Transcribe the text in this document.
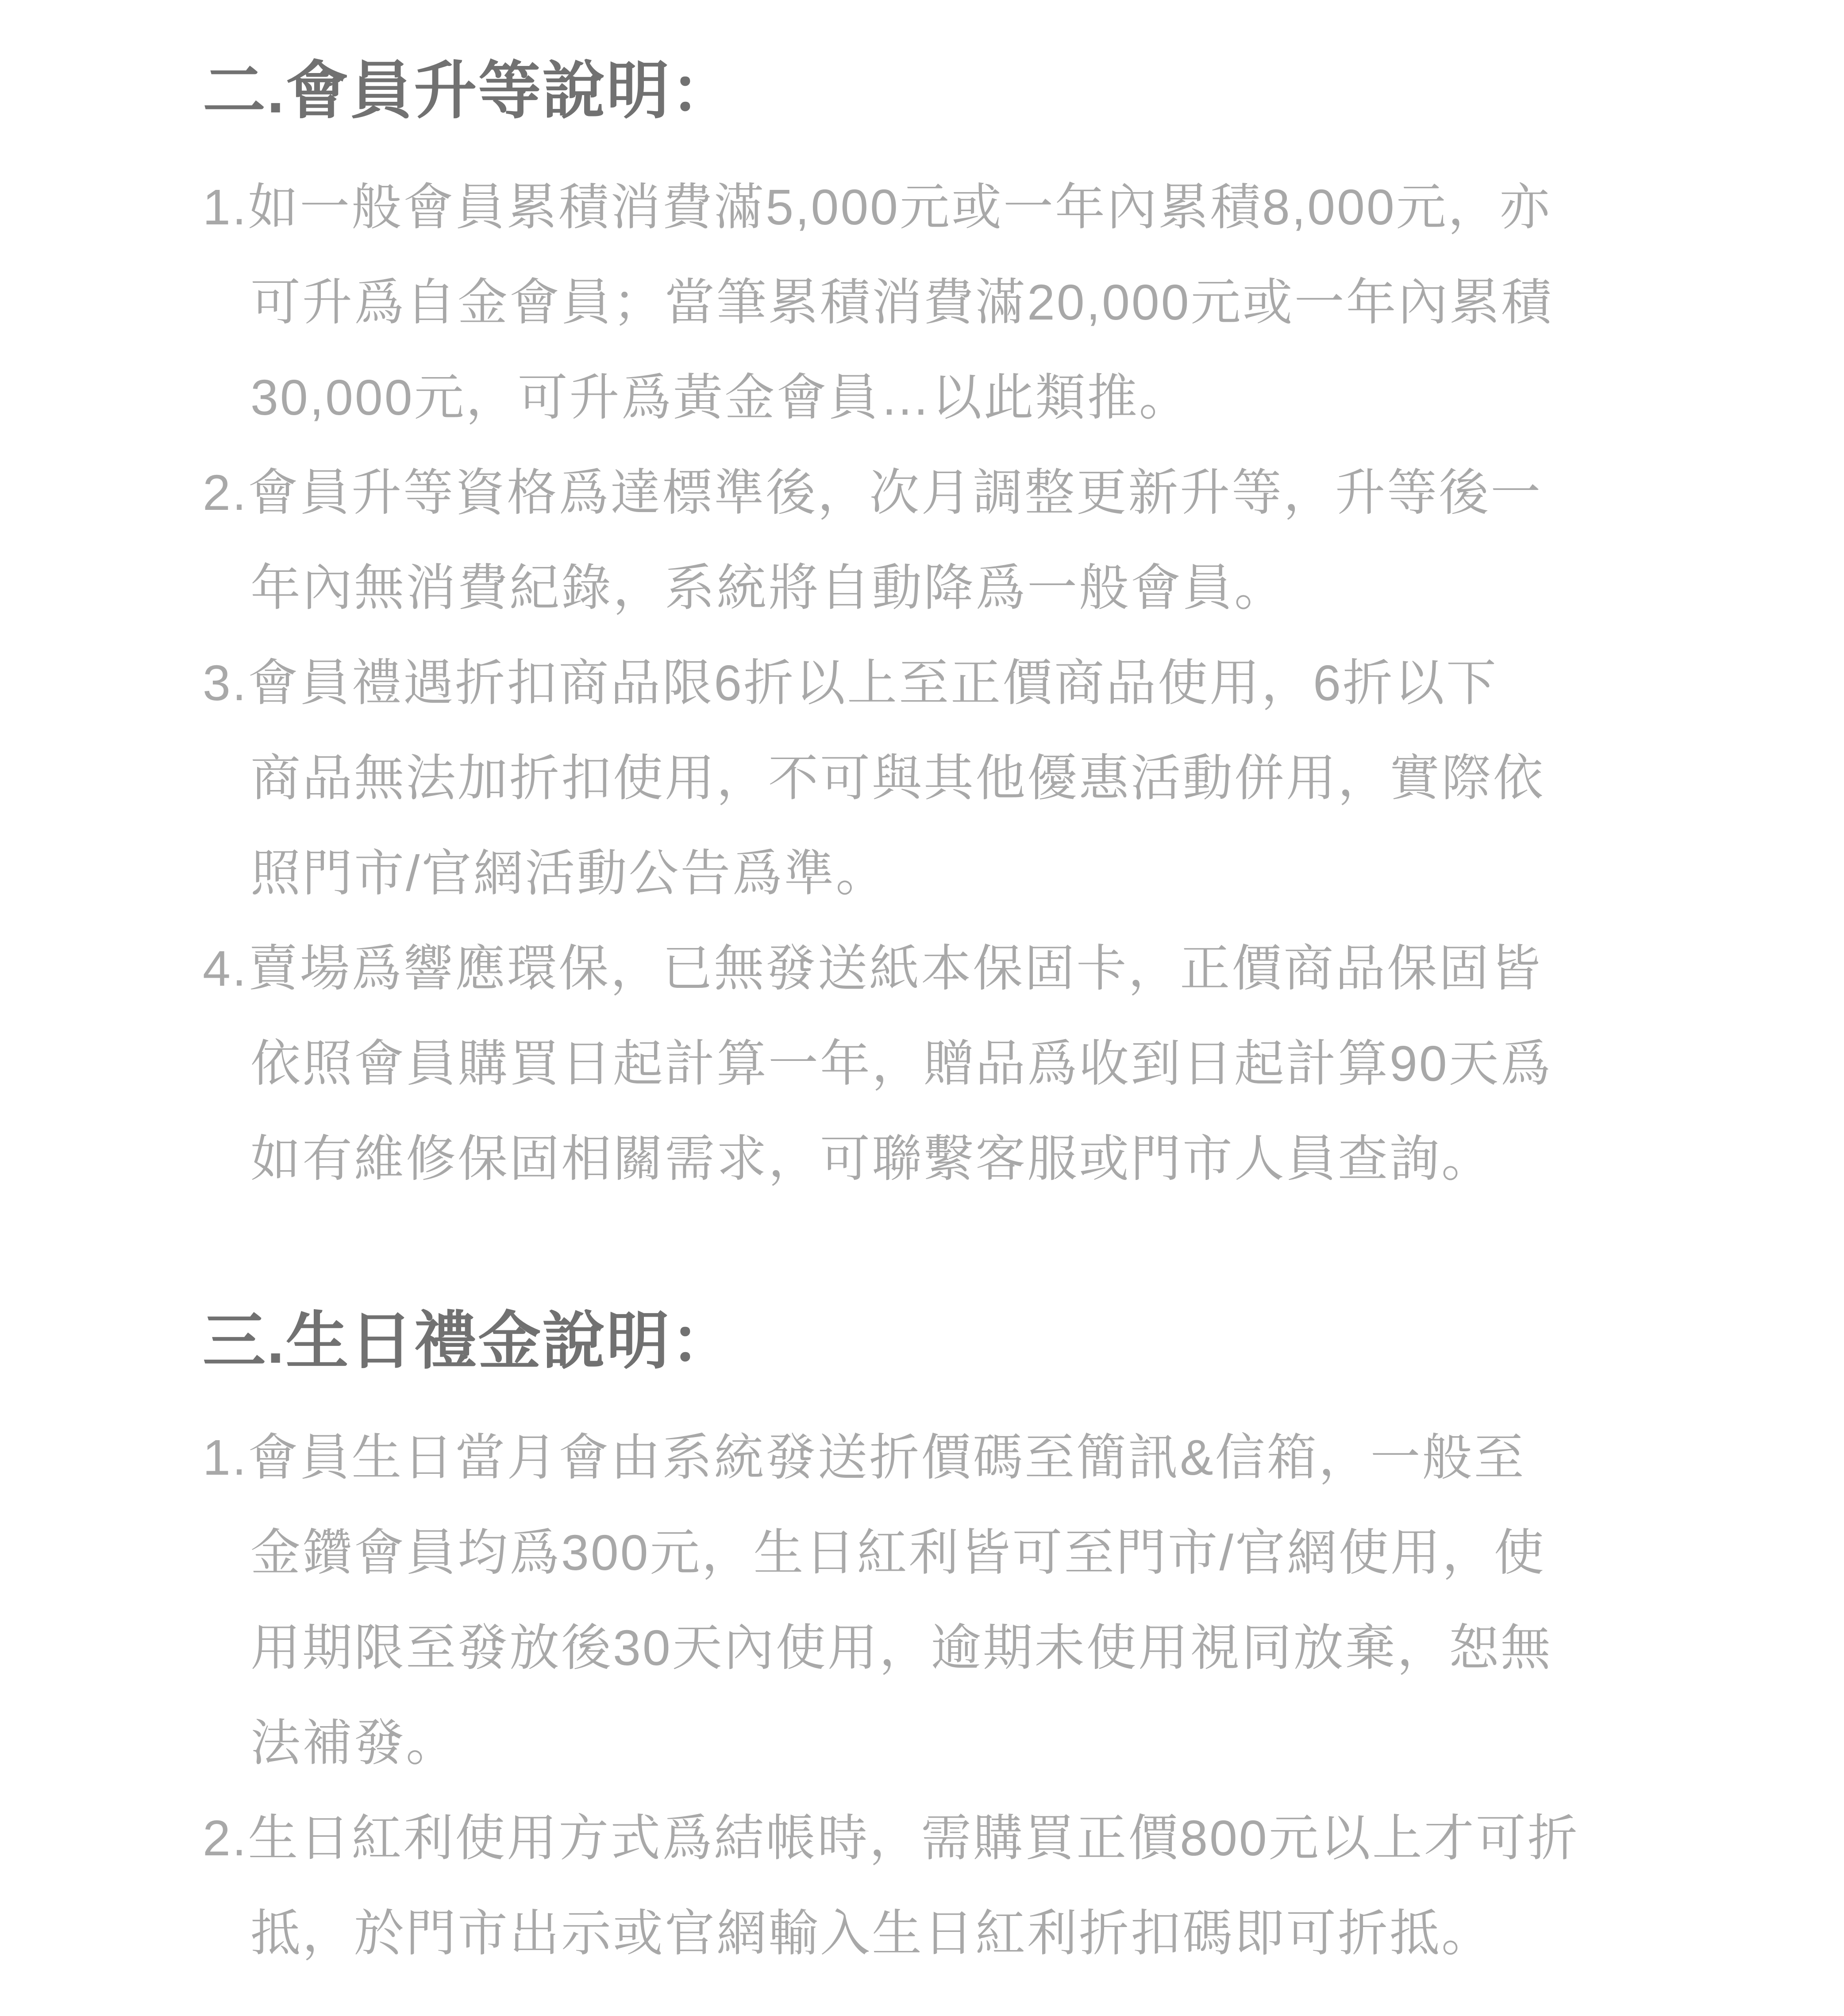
二.會員升等說明：
1.如一般會員累積消費滿5,000元或一年內累積8,000元，亦
可升爲自金會員；當筆累積消費滿20,000元或一年內累積
30,000元，可升爲黃金會員…以此類推。
2.會員升等資格爲達標準後，次月調整更新升等，升等後一
年內無消費紀錄，系統將自動降爲一般會員。
3.會員禮遇折扣商品限6折以上至正價商品使用，6折以下
商品無法加折扣使用，不可與其他優惠活動併用，實際依
照門市/官網活動公告爲準。
4.賣場爲響應環保，已無發送紙本保固卡，正價商品保固皆
依照會員購買日起計算一年，贈品爲收到日起計算90天爲
如有維修保固相關需求，可聯繫客服或門市人員查詢。
三.生日禮金說明：
1.會員生日當月會由系統發送折價碼至簡訊&信箱，一般至
金鑽會員均爲300元，生日紅利皆可至門市/官網使用，使
用期限至發放後30天內使用，逾期未使用視同放棄，恕無
法補發。
2.生日紅利使用方式爲結帳時，需購買正價800元以上才可折
抵，於門市出示或官網輸入生日紅利折扣碼即可折抵。
